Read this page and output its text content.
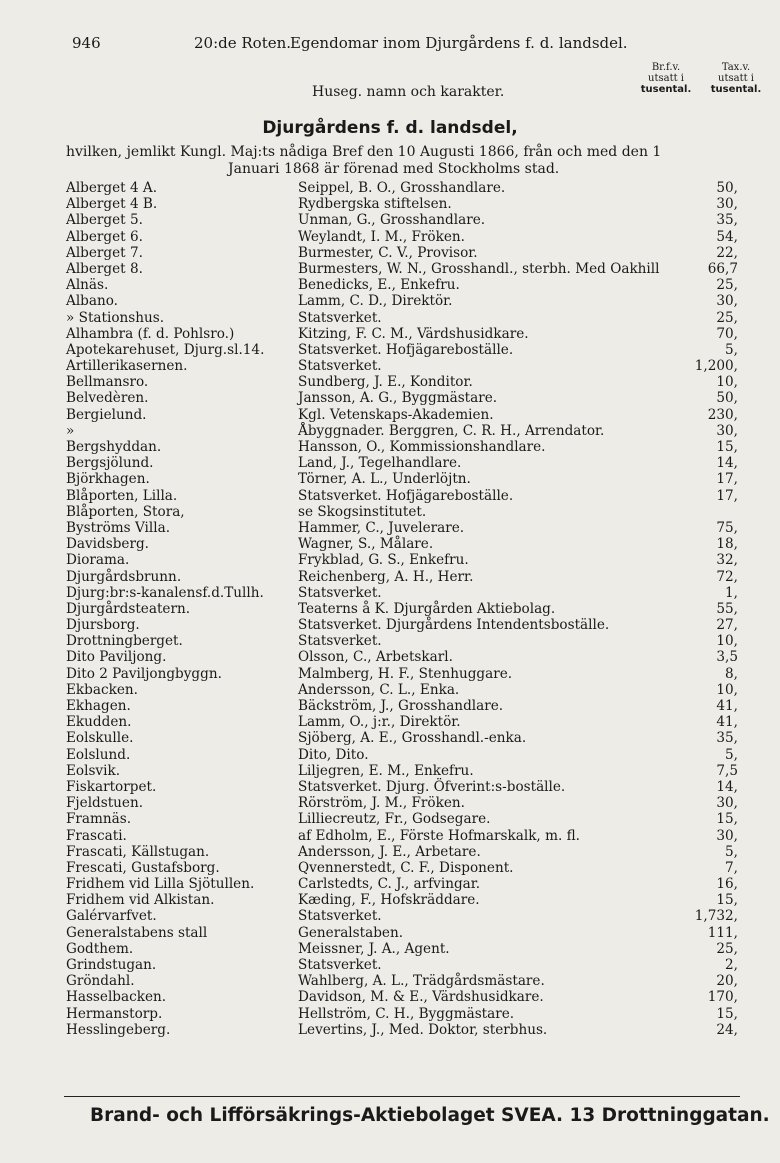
946	20:de Roten.
Egendomar inom Djurgårdens f. d. landsdel.
Huseg. namn och karakter.
Br.f.v.
utsatt i
tusental.
Tax.v.
utsatt i
tusental.
Djurgårdens f. d. landsdel,
hvilken, jemlikt Kungl. Maj:ts nådiga Bref den 10 Augusti 1866, från och med den 1
Januari 1868 är förenad med Stockholms stad.
Alberget 4 A.	Seippel, B. O., Grosshandlare.	50,
Alberget 4 B.	Rydbergska stiftelsen.	30,
Alberget 5.	Unman, G., Grosshandlare.	35,
Alberget 6.	Weylandt, I. M., Fröken.	54,
Alberget 7.	Burmester, C. V., Provisor.	22,
Alberget 8.	Burmesters, W. N., Grosshandl., sterbh. Med Oakhill	66,7
Alnäs.	Benedicks, E., Enkefru.	25,
Albano.	Lamm, C. D., Direktör.	30,
» Stationshus.	Statsverket.	25,
Alhambra (f. d. Pohlsro.)	Kitzing, F. C. M., Värdshusidkare.	70,
Apotekarehuset, Djurg.sl.14. Statsverket. Hofjägareboställe.	5,
Artillerikasernen.	Statsverket.	1,200,
Bellmansro.	Sundberg, J. E., Konditor.	10,
Belvedèren.	Jansson, A. G., Byggmästare.	50,
Bergielund.	Kgl. Vetenskaps-Akademien.	230,
»	Åbyggnader. Berggren, C. R. H., Arrendator.	30,
Bergshyddan.	Hansson, O., Kommissionshandlare.	15,
Bergsjölund.	Land, J., Tegelhandlare.	14,
Björkhagen.	Törner, A. L., Underlöjtn.	17,
Blåporten, Lilla.	Statsverket. Hofjägareboställe.	17,
Blåporten, Stora,	se Skogsinstitutet.
Byströms Villa.	Hammer, C., Juvelerare.	75,
Davidsberg.	Wagner, S., Målare.	18,
Diorama.	Frykblad, G. S., Enkefru.	32,
Djurgårdsbrunn.	Reichenberg, A. H., Herr.	72,
Djurg:br:s-kanalensf.d.Tullh.	Statsverket.	1,
Djurgårdsteatern.	Teaterns å K. Djurgården Aktiebolag.	55,
Djursborg.	Statsverket. Djurgårdens Intendentsboställe.	27,
Drottningberget.	Statsverket.	10,
Dito Paviljong.	Olsson, C., Arbetskarl.	3,5
Dito 2 Paviljongbyggn.	Malmberg, H. F., Stenhuggare.	8,
Ekbacken.	Andersson, C. L., Enka.	10,
Ekhagen.	Bäckström, J., Grosshandlare.	41,
Ekudden.	Lamm, O., j:r., Direktör.	41,
Eolskulle.	Sjöberg, A. E., Grosshandl.-enka.	35,
Eolslund.	Dito, Dito.	5,
Eolsvik.	Liljegren, E. M., Enkefru.	7,5
Fiskartorpet.	Statsverket. Djurg. Öfverint:s-boställe.	14,
Fjeldstuen.	Rörström, J. M., Fröken.	30,
Framnäs.	Lilliecreutz, Fr., Godsegare.	15,
Frascati.	af Edholm, E., Förste Hofmarskalk, m. fl.	30,
Frascati, Källstugan.	Andersson, J. E., Arbetare.	5,
Frescati, Gustafsborg.	Qvennerstedt, C. F., Disponent.	7,
Fridhem vid Lilla Sjötullen.	Carlstedts, C. J., arfvingar.	16,
Fridhem vid Alkistan.	Kæding, F., Hofskräddare.	15,
Galérvarfvet.	Statsverket.	1,732,
Generalstabens stall	Generalstaben.	111,
Godthem.	Meissner, J. A., Agent.	25,
Grindstugan.	Statsverket.	2,
Gröndahl.	Wahlberg, A. L., Trädgårdsmästare.	20,
Hasselbacken.	Davidson, M. & E., Värdshusidkare.	170,
Hermanstorp.	Hellström, C. H., Byggmästare.	15,
Hesslingeberg.	Levertins, J., Med. Doktor, sterbhus.	24,
Brand- och Lifförsäkrings-Aktiebolaget SVEA. 13 Drottninggatan.
